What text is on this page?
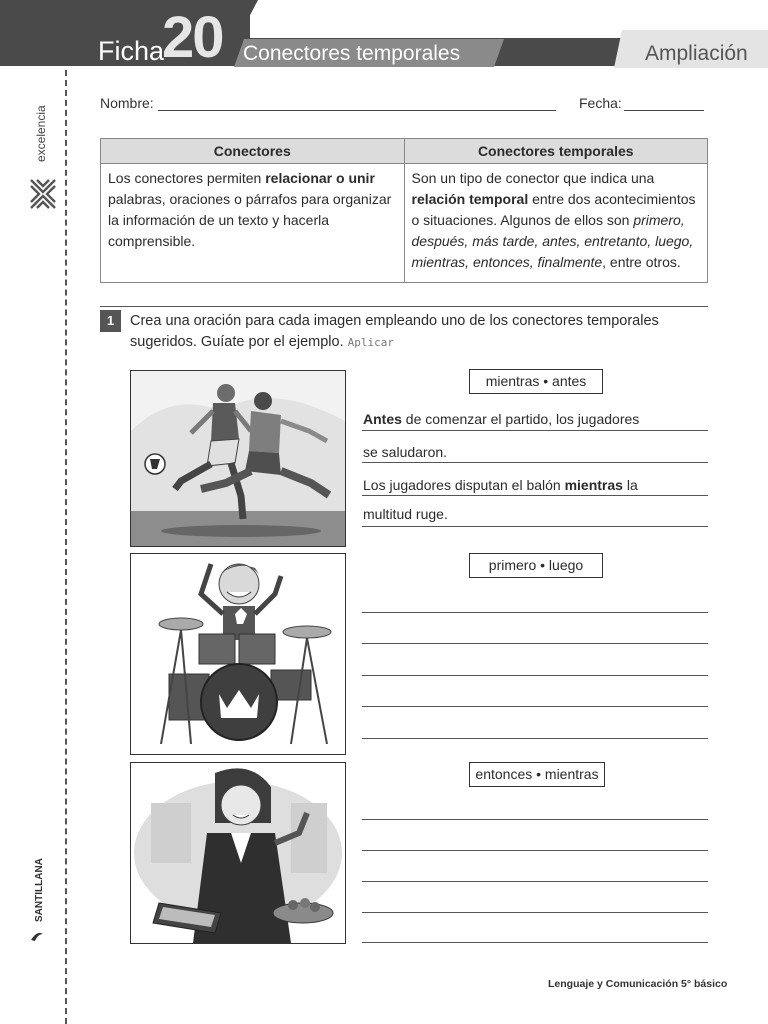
Ficha
20 Conectores temporales	Ampliación
excelencia
SANTILLANA
Nombre:	Fecha:
Conectores	Conectores temporales
Los conectores permiten relacionar o unir palabras, oraciones o párrafos para organizar la información de un texto y hacerla comprensible.	Son un tipo de conector que indica una relación temporal entre dos acontecimientos o situaciones. Algunos de ellos son primero, después, más tarde, antes, entretanto, luego, mientras, entonces, finalmente, entre otros.
1	Crea una oración para cada imagen empleando uno de los conectores temporales sugeridos. Guíate por el ejemplo. Aplicar
mientras • antes
Antes de comenzar el partido, los jugadores
se saludaron.
Los jugadores disputan el balón mientras la
multitud ruge.
primero • luego
entonces • mientras
Lenguaje y Comunicación 5° básico
